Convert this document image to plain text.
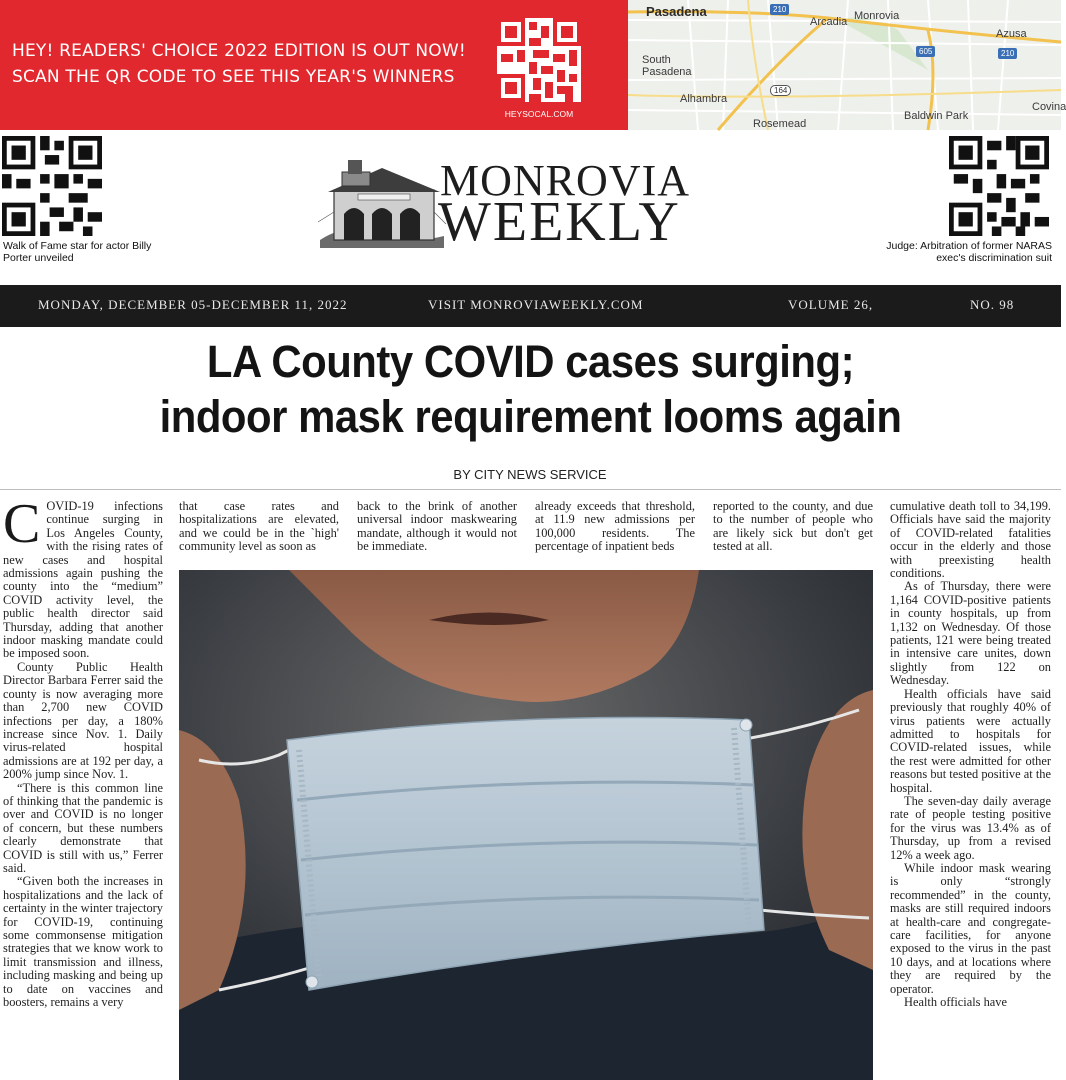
HEY! READERS' CHOICE 2022 EDITION IS OUT NOW!
SCAN THE QR CODE TO SEE THIS YEAR'S WINNERS
HEYSOCAL.COM
Pasadena
Arcadia Monrovia
Azusa
South Pasadena
Alhambra
Rosemead
Baldwin Park
Covina
210
605	210
164
Walk of Fame star for actor Billy Porter unveiled
Judge: Arbitration of former NARAS exec's discrimination suit
MONROVIA
WEEKLY
MONDAY, DECEMBER 05-DECEMBER 11, 2022	VISIT MONROVIAWEEKLY.COM	VOLUME 26,	NO. 98
LA County COVID cases surging;
indoor mask requirement looms again
BY CITY NEWS SERVICE

COVID-19 infections continue surging in Los Angeles County, with the rising rates of new cases and hospital admissions again pushing the county into the “medium” COVID activity level, the public health director said Thursday, adding that another indoor masking mandate could be imposed soon.

County Public Health Director Barbara Ferrer said the county is now averaging more than 2,700 new COVID infections per day, a 180% increase since Nov. 1. Daily virus-related hospital admissions are at 192 per day, a 200% jump since Nov. 1.

“There is this common line of thinking that the pandemic is over and COVID is no longer of concern, but these numbers clearly demonstrate that COVID is still with us,” Ferrer said.

“Given both the increases in hospitalizations and the lack of certainty in the winter trajectory for COVID-19, continuing some commonsense mitigation strategies that we know work to limit transmission and illness, including masking and being up to date on vaccines and boosters, remains a very

that case rates and hospitalizations are elevated, and we could be in the `high' community level as soon as

back to the brink of another universal indoor maskwearing mandate, although it would not be immediate.

already exceeds that threshold, at 11.9 new admissions per 100,000 residents. The percentage of inpatient beds

reported to the county, and due to the number of people who are likely sick but don't get tested at all.

cumulative death toll to 34,199. Officials have said the majority of COVID-related fatalities occur in the elderly and those with preexisting health conditions.

As of Thursday, there were 1,164 COVID-positive patients in county hospitals, up from 1,132 on Wednesday. Of those patients, 121 were being treated in intensive care unites, down slightly from 122 on Wednesday.

Health officials have said previously that roughly 40% of virus patients were actually admitted to hospitals for COVID-related issues, while the rest were admitted for other reasons but tested positive at the hospital.

The seven-day daily average rate of people testing positive for the virus was 13.4% as of Thursday, up from a revised 12% a week ago.

While indoor mask wearing is only “strongly recommended” in the county, masks are still required indoors at health-care and congregate-care facilities, for anyone exposed to the virus in the past 10 days, and at locations where they are required by the operator.

Health officials have
